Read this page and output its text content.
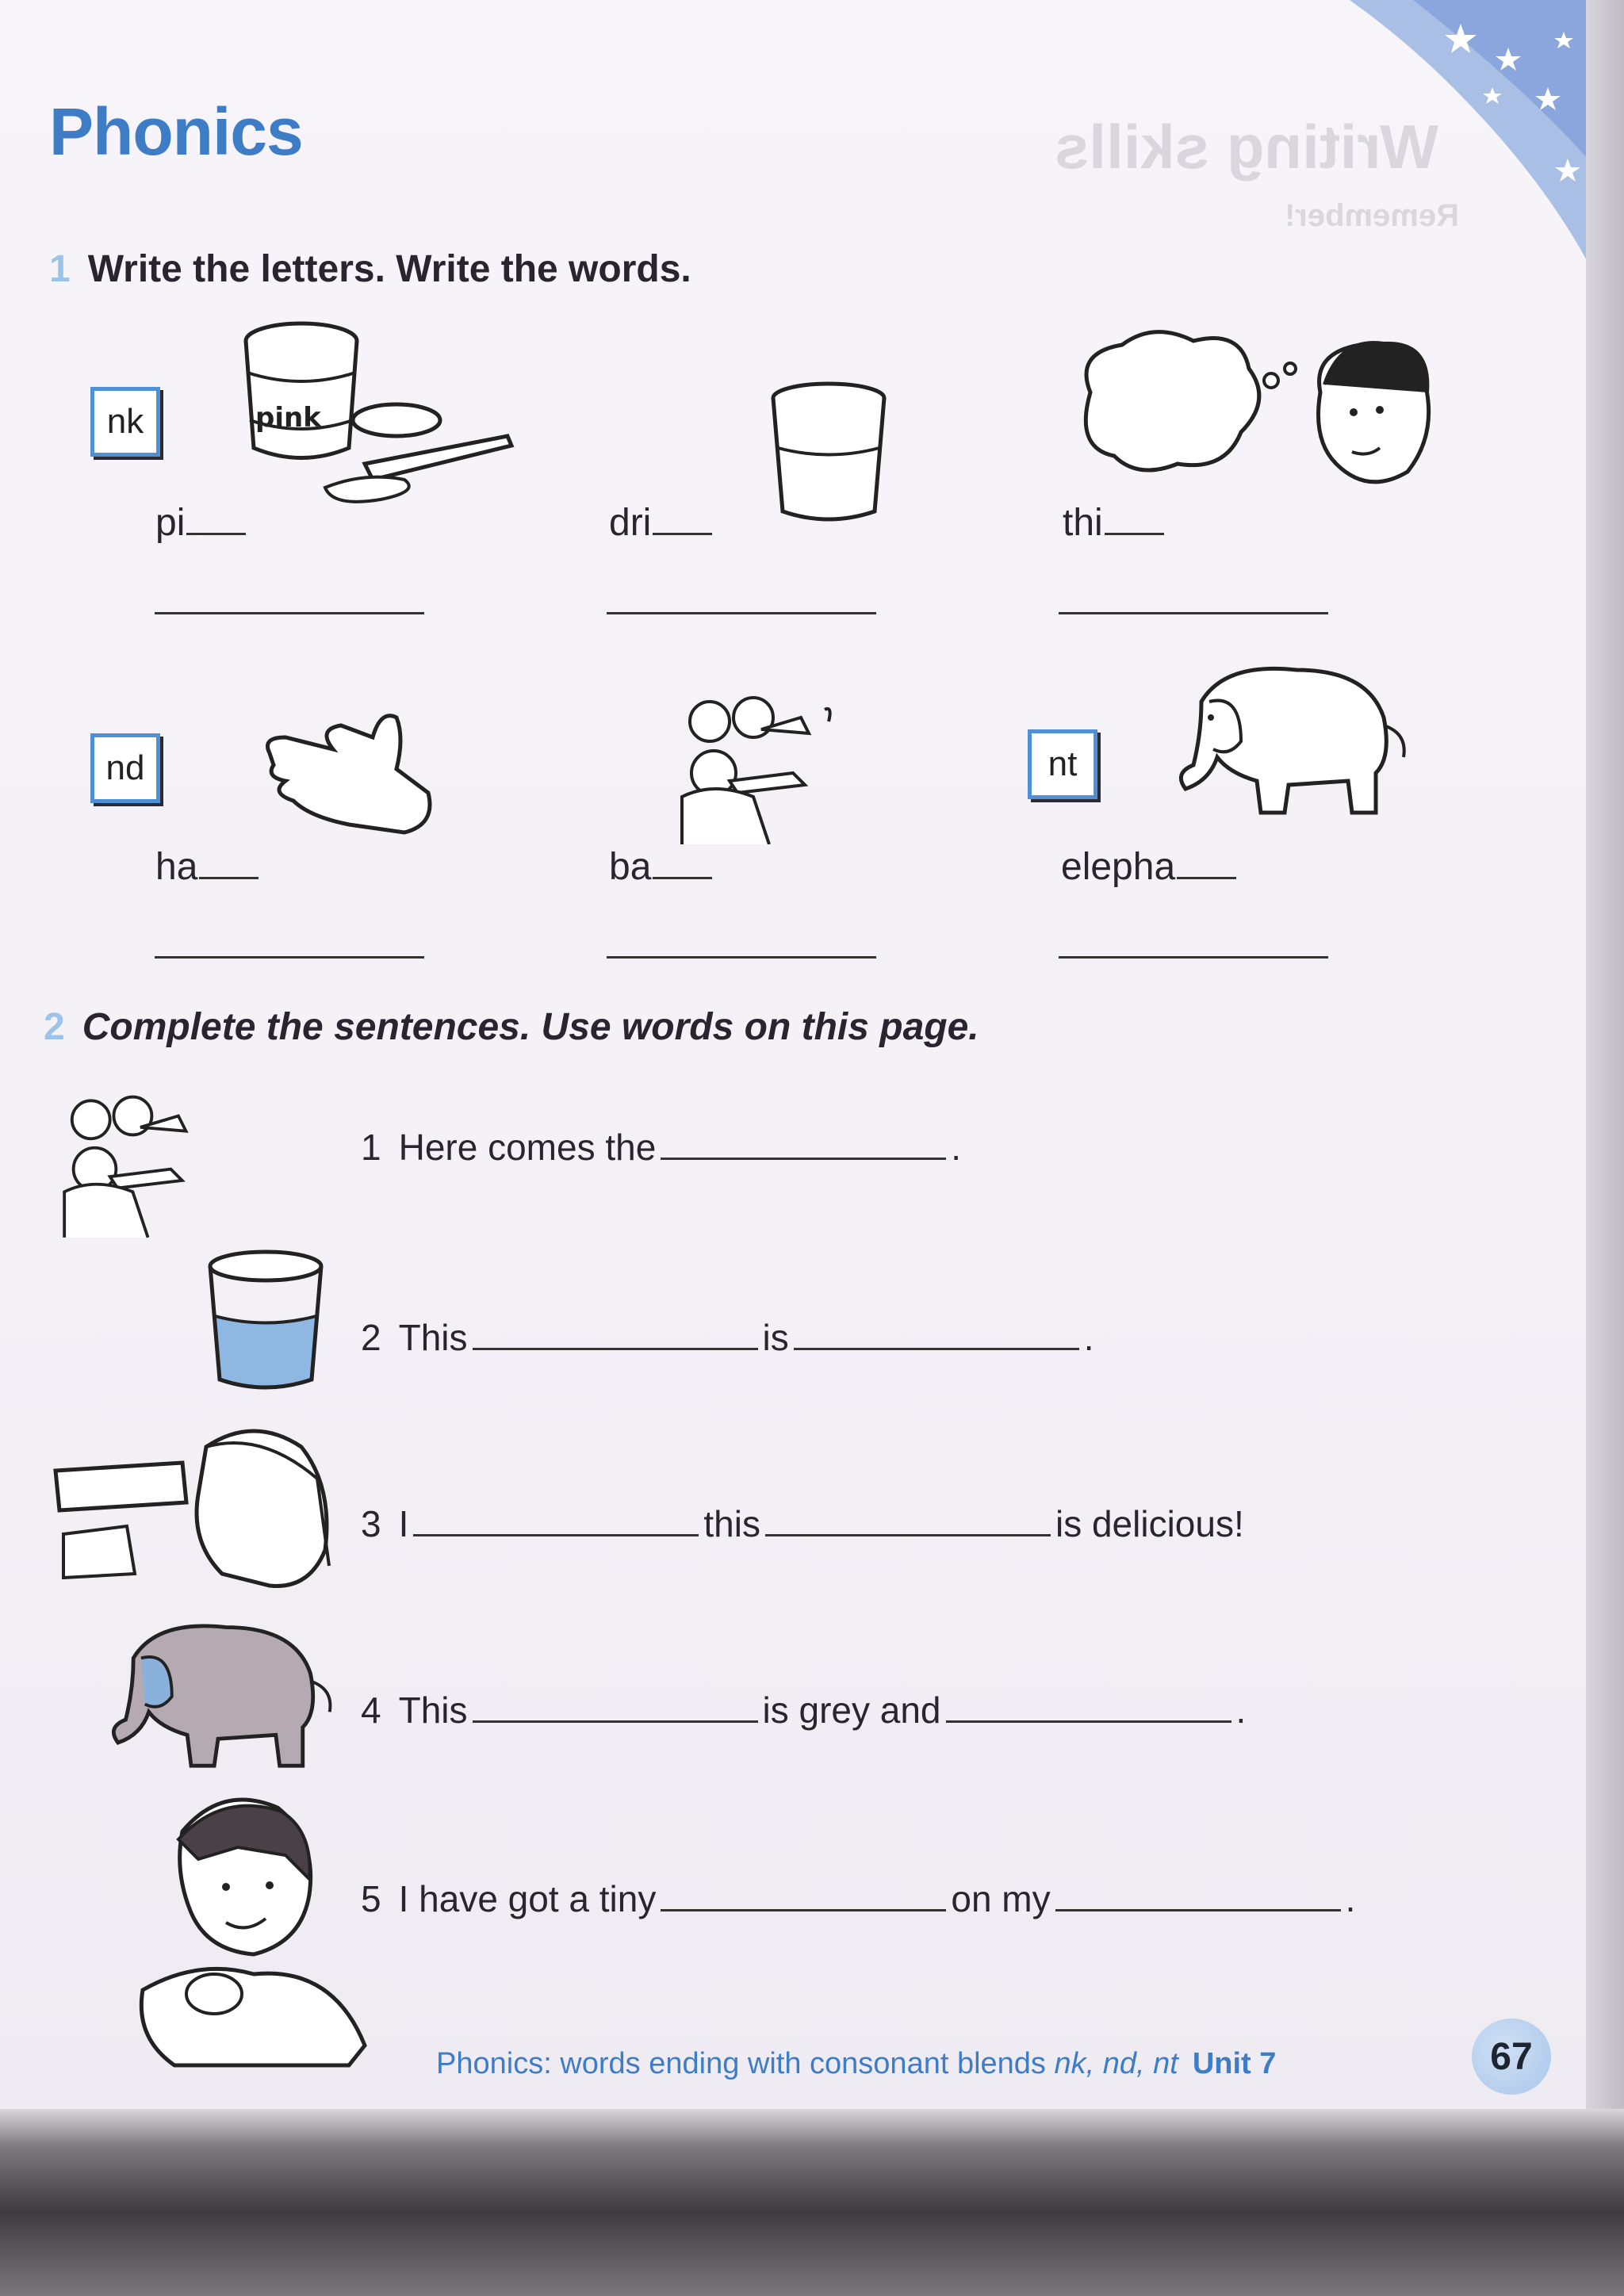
Writing skills
Remember!
Phonics
1 Write the letters. Write the words.
nk
nd	nt
pink
pi	dri	thi
ha	ba	elepha
2 Complete the sentences. Use words on this page.
1 Here comes the	.
2 This	is	.
3 I	this	is delicious!
4 This	is grey and	.
5 I have got a tiny	on my	.
Phonics: words ending with consonant blends nk, nd, nt Unit 7	67
